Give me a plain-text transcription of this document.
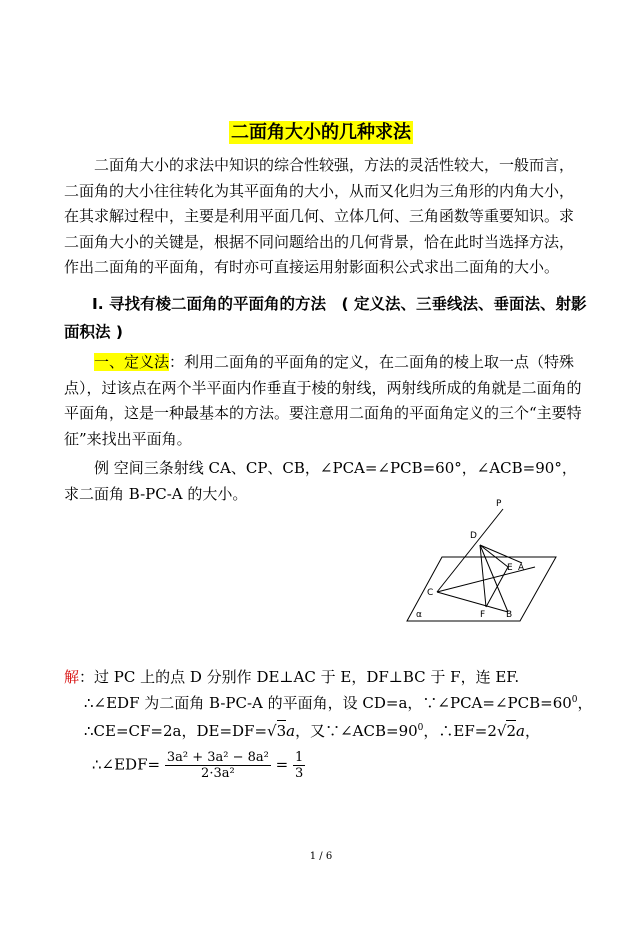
二面角大小的几种求法

二面角大小的求法中知识的综合性较强，方法的灵活性较大，一般而言，二面角的大小往往转化为其平面角的大小，从而又化归为三角形的内角大小，在其求解过程中，主要是利用平面几何、立体几何、三角函数等重要知识。求二面角大小的关键是，根据不同问题给出的几何背景，恰在此时当选择方法，作出二面角的平面角，有时亦可直接运用射影面积公式求出二面角的大小。

I. 寻找有棱二面角的平面角的方法　( 定义法、三垂线法、垂面法、射影面积法 )

一、定义法：利用二面角的平面角的定义，在二面角的棱上取一点（特殊点），过该点在两个半平面内作垂直于棱的射线，两射线所成的角就是二面角的平面角，这是一种最基本的方法。要注意用二面角的平面角定义的三个“主要特征”来找出平面角。

例 空间三条射线 CA、CP、CB，∠PCA=∠PCB=60°，∠ACB=90°，求二面角 B-PC-A 的大小。

P
D
E A
C
F B
α
解：过 PC 上的点 D 分别作 DE⊥AC 于 E，DF⊥BC 于 F，连 EF.
∴∠EDF 为二面角 B-PC-A 的平面角，设 CD=a，$\because\angle PCA=\angle PCB=60^0$，
∴CE=CF=2a，DE=DF=√3a，又$\because\angle ACB=90^0$，∴EF=2√2a，
∴∠EDF= $\frac{\text{3a² + 3a² − 8a²}}{\text{2·3a²}} = \frac{1}{3}$
1 / 6
